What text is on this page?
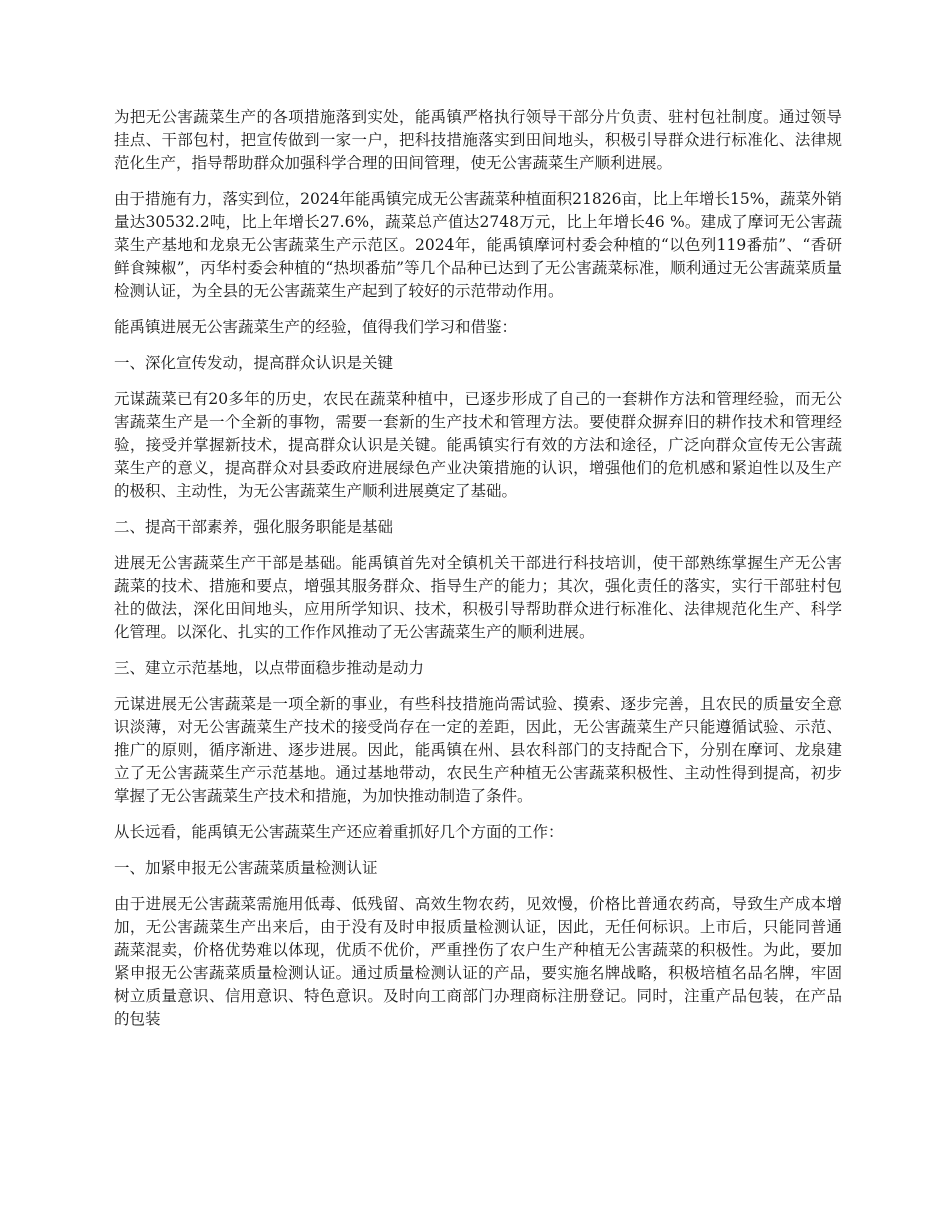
为把无公害蔬菜生产的各项措施落到实处，能禹镇严格执行领导干部分片负责、驻村包社制度。通过领导挂点、干部包村，把宣传做到一家一户，把科技措施落实到田间地头，积极引导群众进行标准化、法律规范化生产，指导帮助群众加强科学合理的田间管理，使无公害蔬菜生产顺利进展。

由于措施有力，落实到位，2024年能禹镇完成无公害蔬菜种植面积21826亩，比上年增长15%，蔬菜外销量达30532.2吨，比上年增长27.6%，蔬菜总产值达2748万元，比上年增长46 %。建成了摩诃无公害蔬菜生产基地和龙泉无公害蔬菜生产示范区。2024年，能禹镇摩诃村委会种植的“以色列119番茄”、“香研鲜食辣椒”，丙华村委会种植的“热坝番茄”等几个品种已达到了无公害蔬菜标准，顺利通过无公害蔬菜质量检测认证，为全县的无公害蔬菜生产起到了较好的示范带动作用。

能禹镇进展无公害蔬菜生产的经验，值得我们学习和借鉴：

一、深化宣传发动，提高群众认识是关键

元谋蔬菜已有20多年的历史，农民在蔬菜种植中，已逐步形成了自己的一套耕作方法和管理经验，而无公害蔬菜生产是一个全新的事物，需要一套新的生产技术和管理方法。要使群众摒弃旧的耕作技术和管理经验，接受并掌握新技术，提高群众认识是关键。能禹镇实行有效的方法和途径，广泛向群众宣传无公害蔬菜生产的意义，提高群众对县委政府进展绿色产业决策措施的认识，增强他们的危机感和紧迫性以及生产的极积、主动性，为无公害蔬菜生产顺利进展奠定了基础。

二、提高干部素养，强化服务职能是基础

进展无公害蔬菜生产干部是基础。能禹镇首先对全镇机关干部进行科技培训，使干部熟练掌握生产无公害蔬菜的技术、措施和要点，增强其服务群众、指导生产的能力；其次，强化责任的落实，实行干部驻村包社的做法，深化田间地头，应用所学知识、技术，积极引导帮助群众进行标准化、法律规范化生产、科学化管理。以深化、扎实的工作作风推动了无公害蔬菜生产的顺利进展。

三、建立示范基地，以点带面稳步推动是动力

元谋进展无公害蔬菜是一项全新的事业，有些科技措施尚需试验、摸索、逐步完善，且农民的质量安全意识淡薄，对无公害蔬菜生产技术的接受尚存在一定的差距，因此，无公害蔬菜生产只能遵循试验、示范、推广的原则，循序渐进、逐步进展。因此，能禹镇在州、县农科部门的支持配合下，分别在摩诃、龙泉建立了无公害蔬菜生产示范基地。通过基地带动，农民生产种植无公害蔬菜积极性、主动性得到提高，初步掌握了无公害蔬菜生产技术和措施，为加快推动制造了条件。

从长远看，能禹镇无公害蔬菜生产还应着重抓好几个方面的工作：

一、加紧申报无公害蔬菜质量检测认证

由于进展无公害蔬菜需施用低毒、低残留、高效生物农药，见效慢，价格比普通农药高，导致生产成本增加，无公害蔬菜生产出来后，由于没有及时申报质量检测认证，因此，无任何标识。上市后，只能同普通蔬菜混卖，价格优势难以体现，优质不优价，严重挫伤了农户生产种植无公害蔬菜的积极性。为此，要加紧申报无公害蔬菜质量检测认证。通过质量检测认证的产品，要实施名牌战略，积极培植名品名牌，牢固树立质量意识、信用意识、特色意识。及时向工商部门办理商标注册登记。同时，注重产品包装，在产品的包装
